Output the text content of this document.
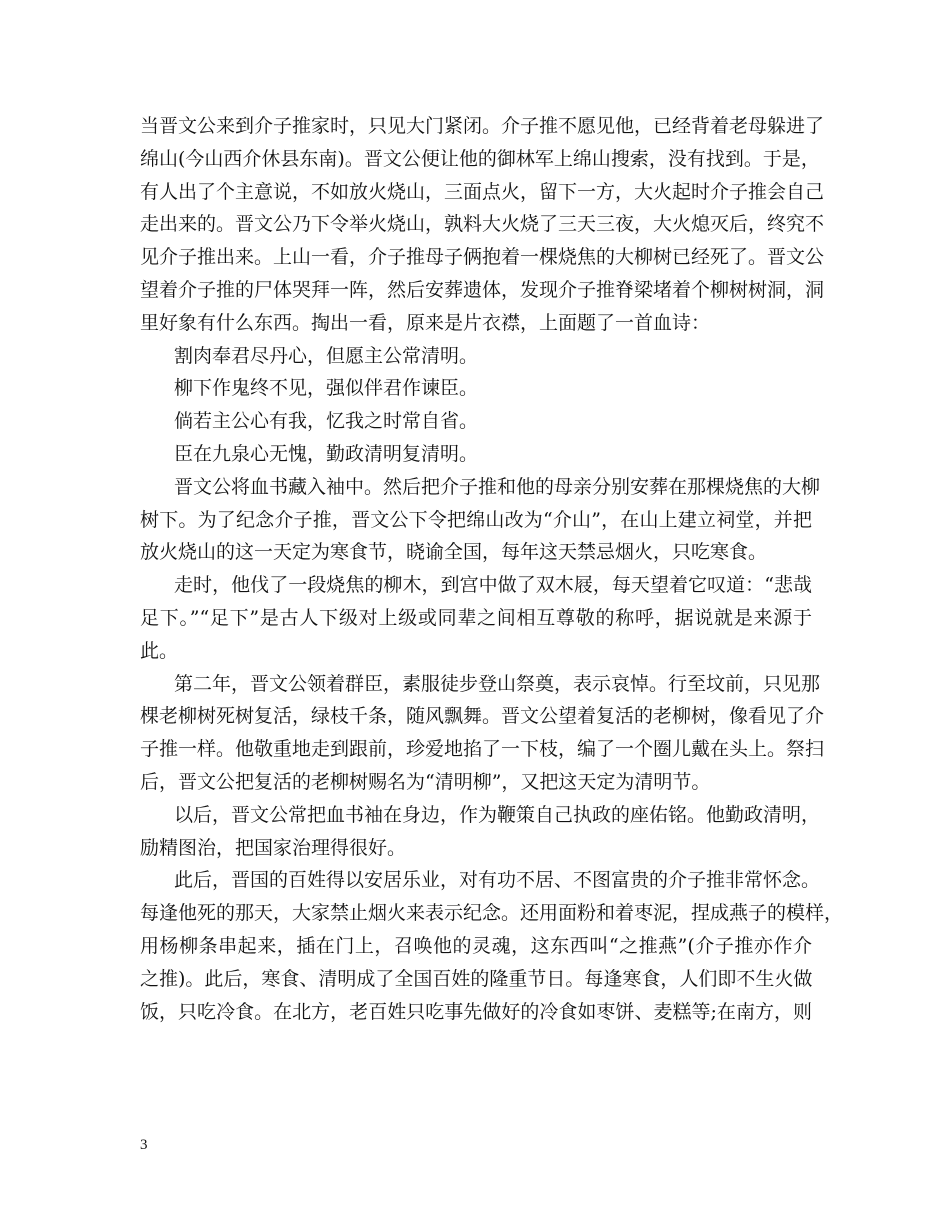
当晋文公来到介子推家时，只见大门紧闭。介子推不愿见他，已经背着老母躲进了
绵山(今山西介休县东南)。晋文公便让他的御林军上绵山搜索，没有找到。于是，
有人出了个主意说，不如放火烧山，三面点火，留下一方，大火起时介子推会自己
走出来的。晋文公乃下令举火烧山，孰料大火烧了三天三夜，大火熄灭后，终究不
见介子推出来。上山一看，介子推母子俩抱着一棵烧焦的大柳树已经死了。晋文公
望着介子推的尸体哭拜一阵，然后安葬遗体，发现介子推脊梁堵着个柳树树洞，洞
里好象有什么东西。掏出一看，原来是片衣襟，上面题了一首血诗：
割肉奉君尽丹心，但愿主公常清明。
柳下作鬼终不见，强似伴君作谏臣。
倘若主公心有我，忆我之时常自省。
臣在九泉心无愧，勤政清明复清明。
晋文公将血书藏入袖中。然后把介子推和他的母亲分别安葬在那棵烧焦的大柳
树下。为了纪念介子推，晋文公下令把绵山改为“介山”，在山上建立祠堂，并把
放火烧山的这一天定为寒食节，晓谕全国，每年这天禁忌烟火，只吃寒食。
走时，他伐了一段烧焦的柳木，到宫中做了双木屐，每天望着它叹道：“悲哉
足下。”“足下”是古人下级对上级或同辈之间相互尊敬的称呼，据说就是来源于
此。
第二年，晋文公领着群臣，素服徒步登山祭奠，表示哀悼。行至坟前，只见那
棵老柳树死树复活，绿枝千条，随风飘舞。晋文公望着复活的老柳树，像看见了介
子推一样。他敬重地走到跟前，珍爱地掐了一下枝，编了一个圈儿戴在头上。祭扫
后，晋文公把复活的老柳树赐名为“清明柳”，又把这天定为清明节。
以后，晋文公常把血书袖在身边，作为鞭策自己执政的座佑铭。他勤政清明，
励精图治，把国家治理得很好。
此后，晋国的百姓得以安居乐业，对有功不居、不图富贵的介子推非常怀念。
每逢他死的那天，大家禁止烟火来表示纪念。还用面粉和着枣泥，捏成燕子的模样，
用杨柳条串起来，插在门上，召唤他的灵魂，这东西叫“之推燕”(介子推亦作介
之推)。此后，寒食、清明成了全国百姓的隆重节日。每逢寒食，人们即不生火做
饭，只吃冷食。在北方，老百姓只吃事先做好的冷食如枣饼、麦糕等;在南方，则
3
